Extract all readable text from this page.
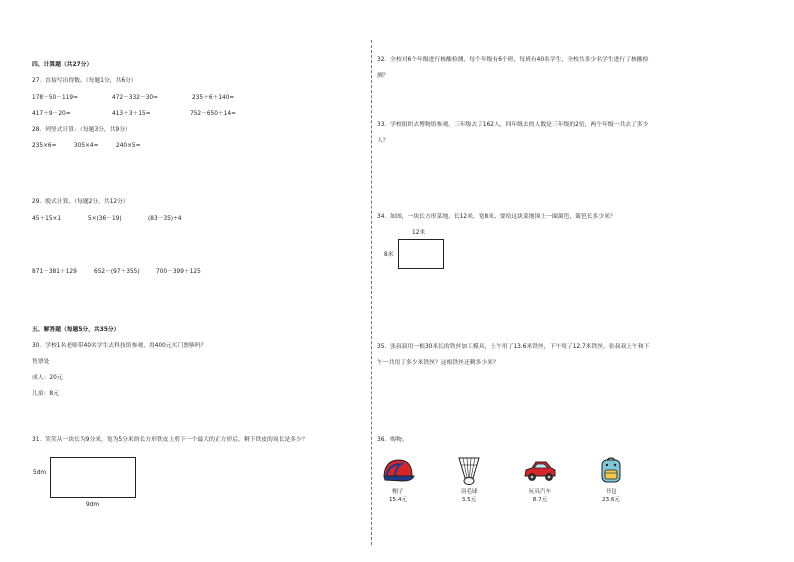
四、计算题（共27分）
27．直接写出得数。（每题1分，共6分）
178－50－119=	472－332－30=	235＋6＋140=
417＋9－20=	413＋3＋15=	752－650＋14=
28．列竖式计算：（每题3分，共9分）
235×6=	305×4=	240×5=
29．脱式计算。（每题2分，共12分）
45＋15×1	5×(36－19)	(83－35)÷4
871－381＋129	652－(97＋355)	700－399＋125
五、解答题（每题5分，共35分）
30．学校1名老师带40名学生去科技馆参观，用400元买门票够吗？
售票处
成人：20元
儿童：8元
31．笑笑从一块长为9分米，宽为5分米的长方形铁皮上剪下一个最大的正方形后，剩下铁皮的周长是多少？
5dm
9dm
32．全校对6个年级进行核酸检测，每个年级有6个班，每班有40名学生，全校共多少名学生进行了核酸检
测？
33．学校组织去博物馆参观，三年级去了162人，四年级去的人数是三年级的2倍，两个年级一共去了多少
人？
34．如图，一块长方形菜地，长12米，宽8米。要给这块菜地围上一圈篱笆，篱笆长多少米？
12米
8米
35．张叔叔用一根30米长的铁丝加工模具，上午用了13.6米铁丝，下午用了12.7米铁丝，张叔叔上午和下
午一共用了多少米铁丝？这根铁丝还剩多少米？
36．购物。
帽子
15.4元
羽毛球
3.5元
玩具汽车
8.7元
书包
23.6元
